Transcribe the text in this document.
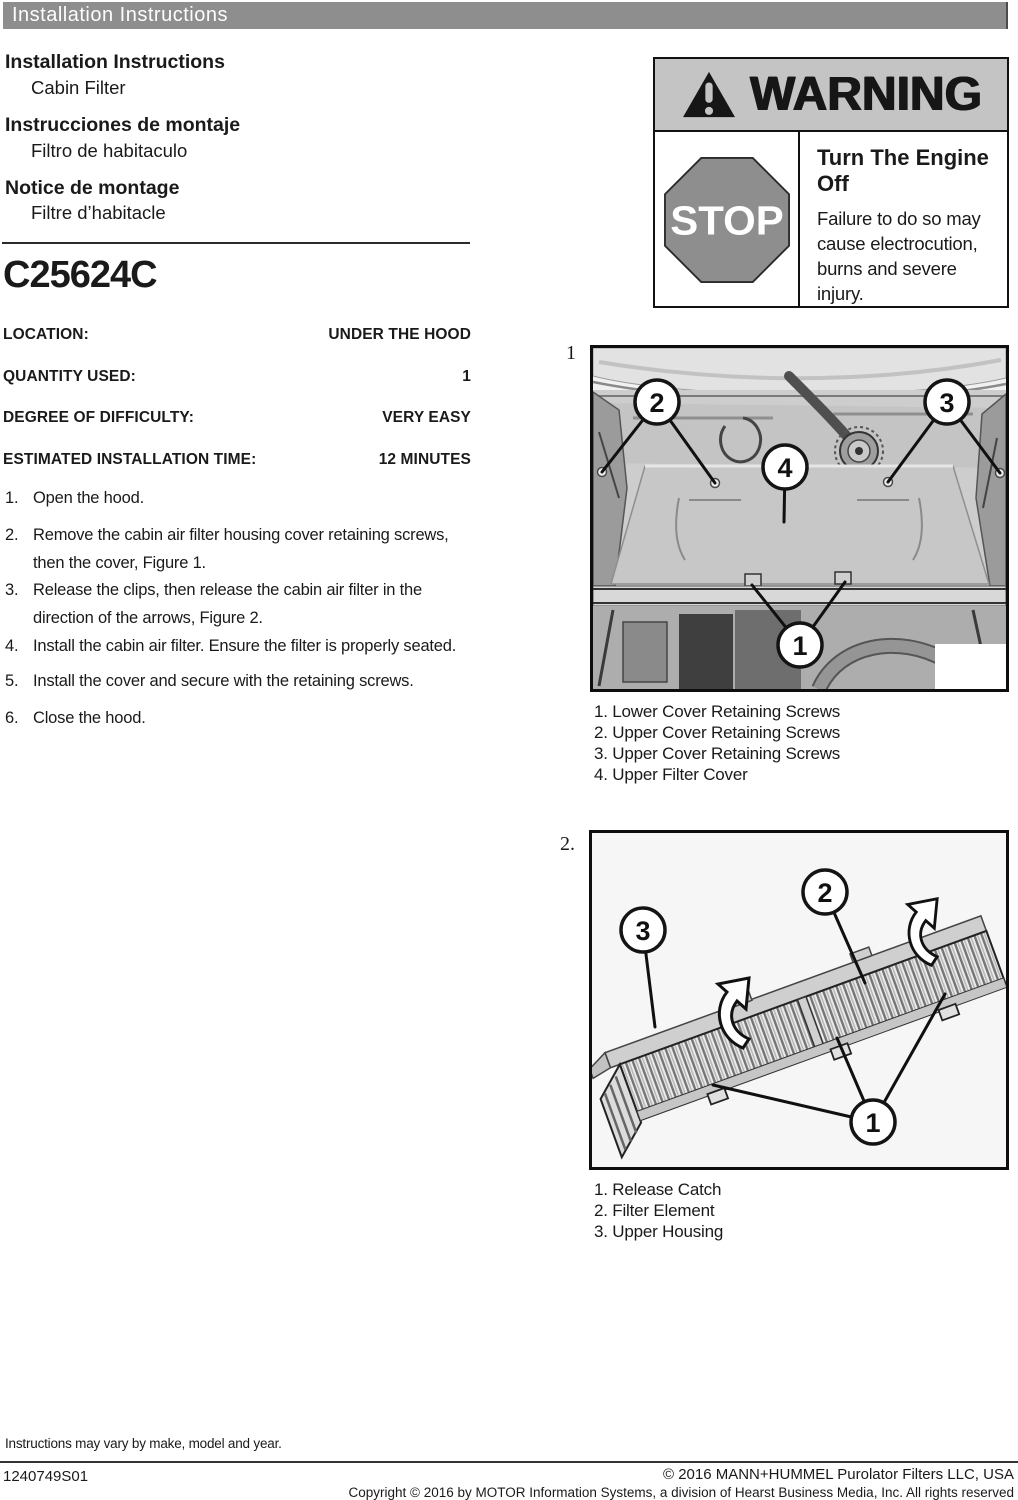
Installation Instructions
Installation Instructions
Cabin Filter
Instrucciones de montaje
Filtro de habitaculo
Notice de montage
Filtre d’habitacle
C25624C
LOCATION:	UNDER THE HOOD
QUANTITY USED:	1
DEGREE OF DIFFICULTY:	VERY EASY
ESTIMATED INSTALLATION TIME:	12 MINUTES
1. Open the hood.
2. Remove the cabin air filter housing cover retaining screws, then the cover, Figure 1.
3. Release the clips, then release the cabin air filter in the direction of the arrows, Figure 2.
4. Install the cabin air filter. Ensure the filter is properly seated.
5. Install the cover and secure with the retaining screws.
6. Close the hood.
WARNING
STOP
Turn The Engine Off
Failure to do so may cause electrocution, burns and severe injury.
1
2	3
4
1
1. Lower Cover Retaining Screws
2. Upper Cover Retaining Screws
3. Upper Cover Retaining Screws
4. Upper Filter Cover
2.
3
2
1
1. Release Catch
2. Filter Element
3. Upper Housing
Instructions may vary by make, model and year.
1240749S01	© 2016 MANN+HUMMEL Purolator Filters LLC, USA
Copyright © 2016 by MOTOR Information Systems, a division of Hearst Business Media, Inc. All rights reserved
